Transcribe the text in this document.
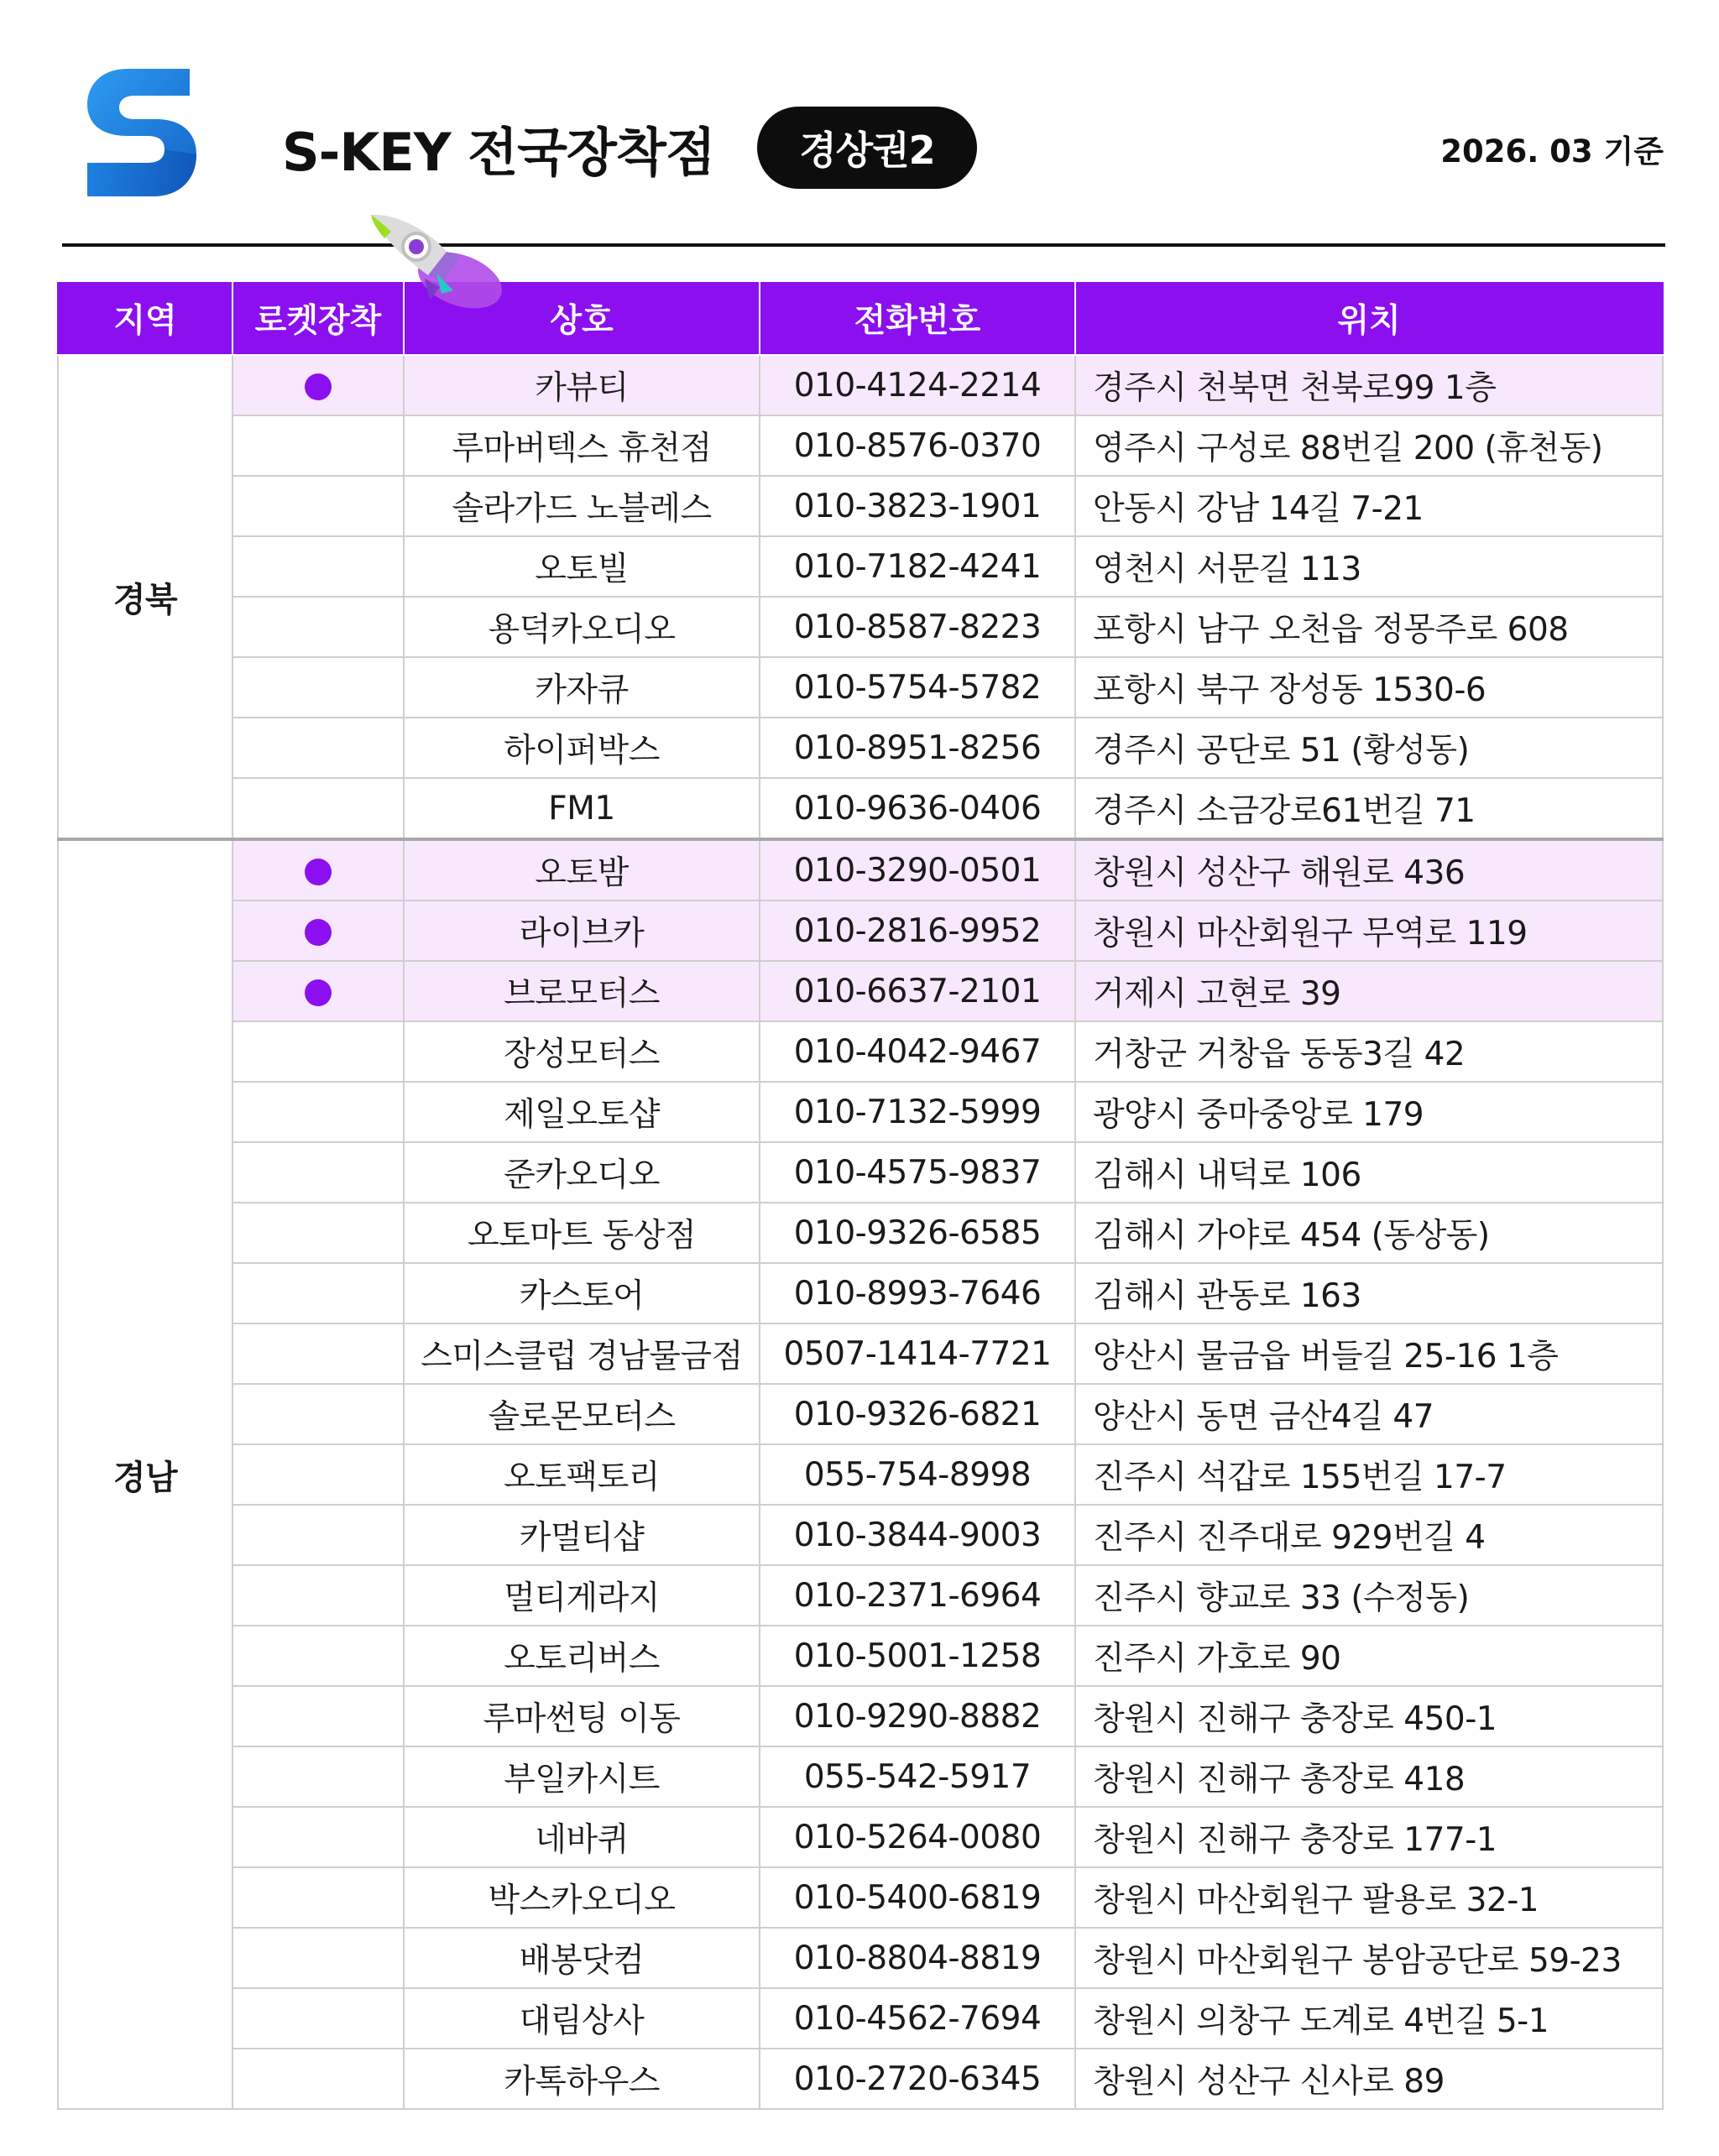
S-KEY 전국장착점	경상권2	2026. 03 기준
지역	로켓장착	상호	전화번호	위치
경북		카뷰티	010-4124-2214	경주시 천북면 천북로99 1층
		루마버텍스 휴천점	010-8576-0370	영주시 구성로 88번길 200 (휴천동)
		솔라가드 노블레스	010-3823-1901	안동시 강남 14길 7-21
		오토빌	010-7182-4241	영천시 서문길 113
		용덕카오디오	010-8587-8223	포항시 남구 오천읍 정몽주로 608
		카자큐	010-5754-5782	포항시 북구 장성동 1530-6
		하이퍼박스	010-8951-8256	경주시 공단로 51 (황성동)
		FM1	010-9636-0406	경주시 소금강로61번길 71
경남		오토밤	010-3290-0501	창원시 성산구 해원로 436
		라이브카	010-2816-9952	창원시 마산회원구 무역로 119
		브로모터스	010-6637-2101	거제시 고현로 39
		장성모터스	010-4042-9467	거창군 거창읍 동동3길 42
		제일오토샵	010-7132-5999	광양시 중마중앙로 179
		준카오디오	010-4575-9837	김해시 내덕로 106
		오토마트 동상점	010-9326-6585	김해시 가야로 454 (동상동)
		카스토어	010-8993-7646	김해시 관동로 163
		스미스클럽 경남물금점	0507-1414-7721	양산시 물금읍 버들길 25-16 1층
		솔로몬모터스	010-9326-6821	양산시 동면 금산4길 47
		오토팩토리	055-754-8998	진주시 석갑로 155번길 17-7
		카멀티샵	010-3844-9003	진주시 진주대로 929번길 4
		멀티게라지	010-2371-6964	진주시 향교로 33 (수정동)
		오토리버스	010-5001-1258	진주시 가호로 90
		루마썬팅 이동	010-9290-8882	창원시 진해구 충장로 450-1
		부일카시트	055-542-5917	창원시 진해구 총장로 418
		네바퀴	010-5264-0080	창원시 진해구 충장로 177-1
		박스카오디오	010-5400-6819	창원시 마산회원구 팔용로 32-1
		배봉닷컴	010-8804-8819	창원시 마산회원구 봉암공단로 59-23
		대림상사	010-4562-7694	창원시 의창구 도계로 4번길 5-1
		카톡하우스	010-2720-6345	창원시 성산구 신사로 89
